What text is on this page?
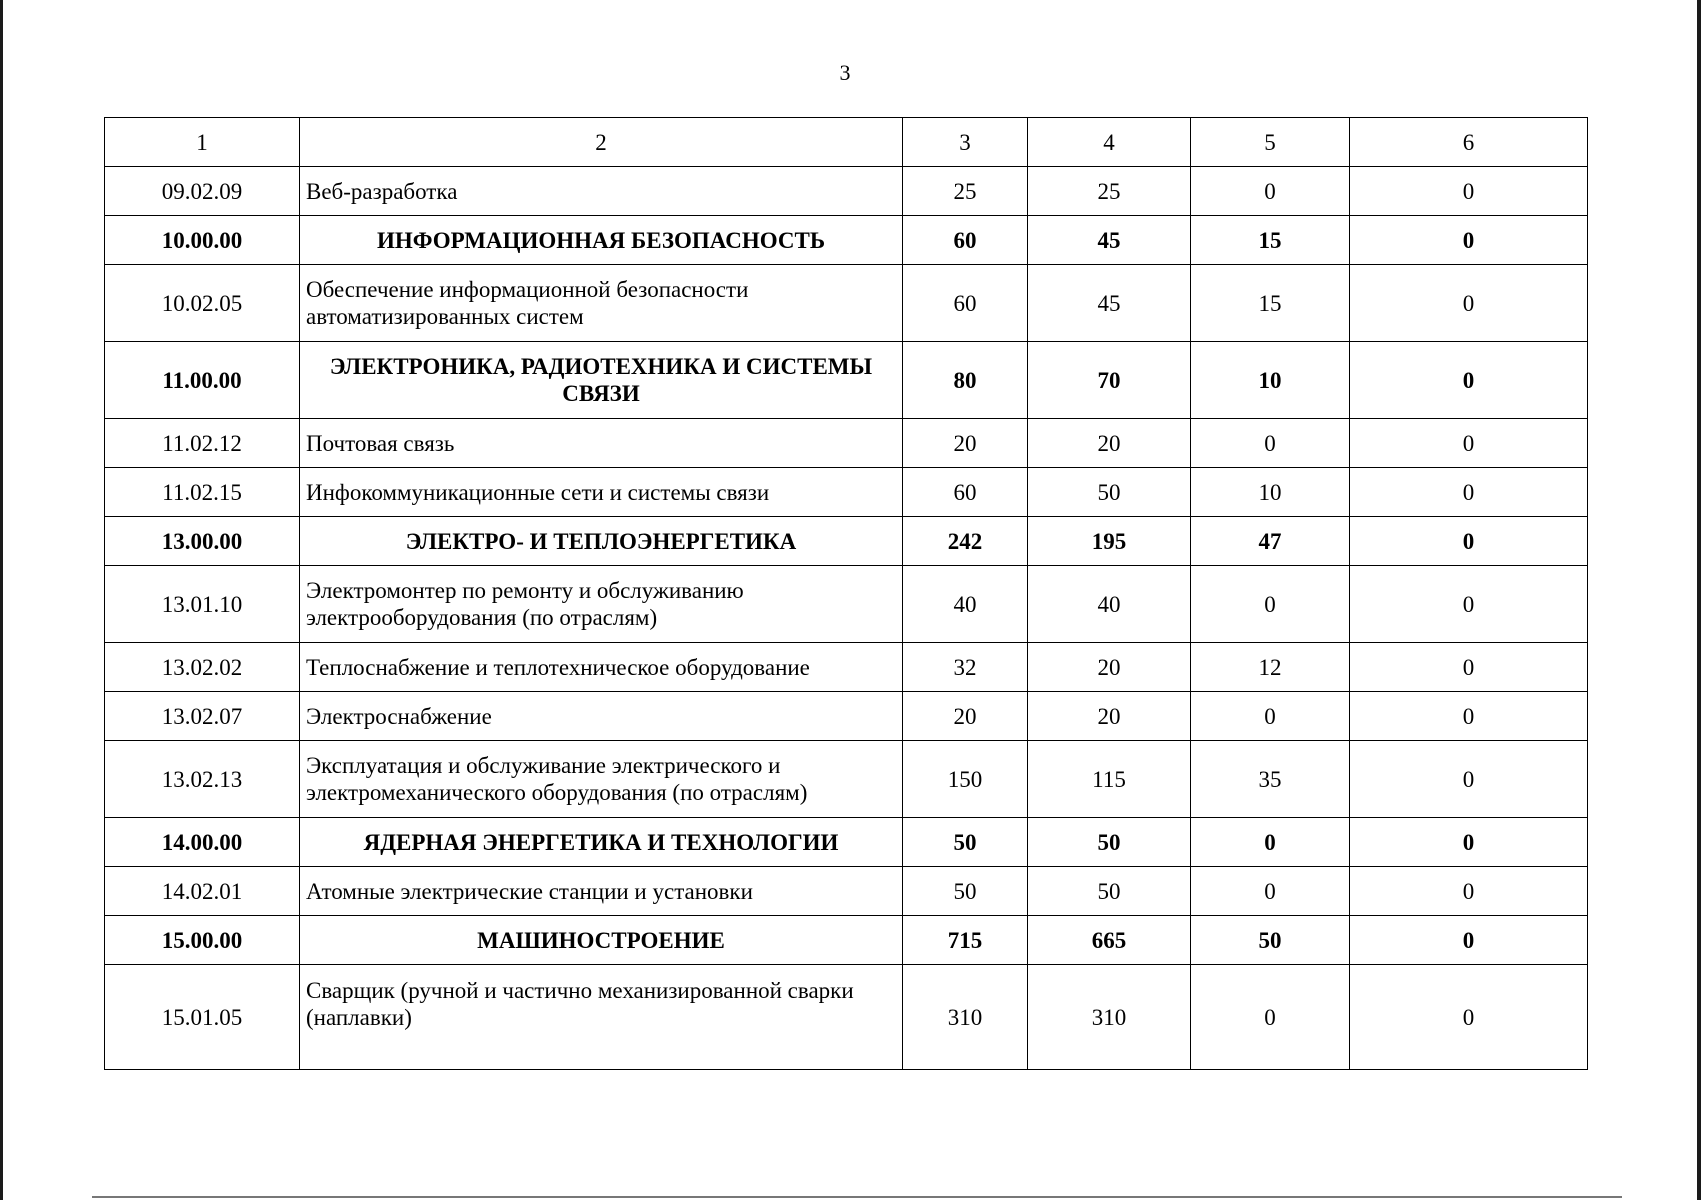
3
1	2	3	4	5	6
09.02.09	Веб-разработка	25	25	0	0
10.00.00	ИНФОРМАЦИОННАЯ БЕЗОПАСНОСТЬ	60	45	15	0
10.02.05	Обеспечение информационной безопасности автоматизированных систем	60	45	15	0
11.00.00	ЭЛЕКТРОНИКА, РАДИОТЕХНИКА И СИСТЕМЫ СВЯЗИ	80	70	10	0
11.02.12	Почтовая связь	20	20	0	0
11.02.15	Инфокоммуникационные сети и системы связи	60	50	10	0
13.00.00	ЭЛЕКТРО- И ТЕПЛОЭНЕРГЕТИКА	242	195	47	0
13.01.10	Электромонтер по ремонту и обслуживанию электрооборудования (по отраслям)	40	40	0	0
13.02.02	Теплоснабжение и теплотехническое оборудование	32	20	12	0
13.02.07	Электроснабжение	20	20	0	0
13.02.13	Эксплуатация и обслуживание электрического и электромеханического оборудования (по отраслям)	150	115	35	0
14.00.00	ЯДЕРНАЯ ЭНЕРГЕТИКА И ТЕХНОЛОГИИ	50	50	0	0
14.02.01	Атомные электрические станции и установки	50	50	0	0
15.00.00	МАШИНОСТРОЕНИЕ	715	665	50	0
15.01.05	Сварщик (ручной и частично механизированной сварки (наплавки)	310	310	0	0
